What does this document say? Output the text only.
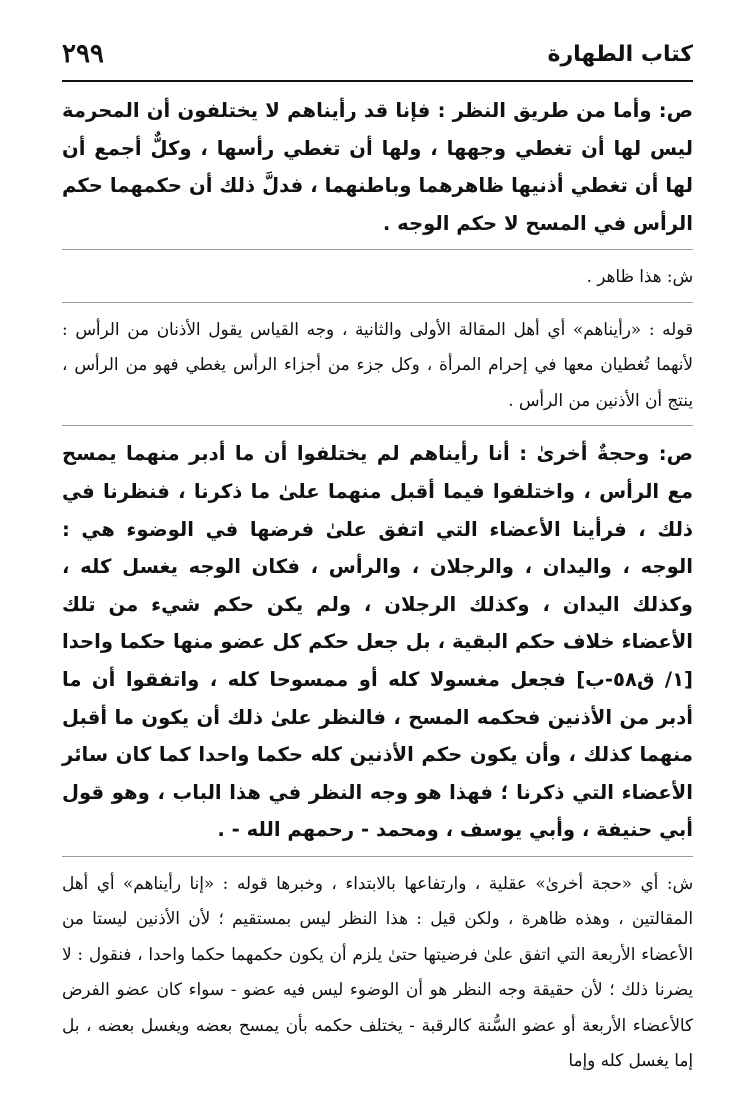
كتاب الطهارة
٢٩٩

ص: وأما من طريق النظر : فإنا قد رأيناهم لا يختلفون أن المحرمة ليس لها أن تغطي وجهها ، ولها أن تغطي رأسها ، وكلٌّ أجمع أن لها أن تغطي أذنيها ظاهرهما وباطنهما ، فدلَّ ذلك أن حكمهما حكم الرأس في المسح لا حكم الوجه .

ش: هذا ظاهر .

قوله : «رأيناهم» أي أهل المقالة الأولى والثانية ، وجه القياس يقول الأذنان من الرأس : لأنهما تُغطيان معها في إحرام المرأة ، وكل جزء من أجزاء الرأس يغطي فهو من الرأس ، ينتج أن الأذنين من الرأس .

ص: وحجةٌ أخرىٰ : أنا رأيناهم لم يختلفوا أن ما أدبر منهما يمسح مع الرأس ، واختلفوا فيما أقبل منهما علىٰ ما ذكرنا ، فنظرنا في ذلك ، فرأينا الأعضاء التي اتفق علىٰ فرضها في الوضوء هي : الوجه ، واليدان ، والرجلان ، والرأس ، فكان الوجه يغسل كله ، وكذلك اليدان ، وكذلك الرجلان ، ولم يكن حكم شيء من تلك الأعضاء خلاف حكم البقية ، بل جعل حكم كل عضو منها حكما واحدا [١/ ق٥٨-ب] فجعل مغسولا كله أو ممسوحا كله ، واتفقوا أن ما أدبر من الأذنين فحكمه المسح ، فالنظر علىٰ ذلك أن يكون ما أقبل منهما كذلك ، وأن يكون حكم الأذنين كله حكما واحدا كما كان سائر الأعضاء التي ذكرنا ؛ فهذا هو وجه النظر في هذا الباب ، وهو قول أبي حنيفة ، وأبي يوسف ، ومحمد - رحمهم الله - .

ش: أي «حجة أخرىٰ» عقلية ، وارتفاعها بالابتداء ، وخبرها قوله : «إنا رأيناهم» أي أهل المقالتين ، وهذه ظاهرة ، ولكن قيل : هذا النظر ليس بمستقيم ؛ لأن الأذنين ليستا من الأعضاء الأربعة التي اتفق علىٰ فرضيتها حتىٰ يلزم أن يكون حكمهما حكما واحدا ، فنقول : لا يضرنا ذلك ؛ لأن حقيقة وجه النظر هو أن الوضوء ليس فيه عضو - سواء كان عضو الفرض كالأعضاء الأربعة أو عضو السُّنة كالرقبة - يختلف حكمه بأن يمسح بعضه ويغسل بعضه ، بل إما يغسل كله وإما
